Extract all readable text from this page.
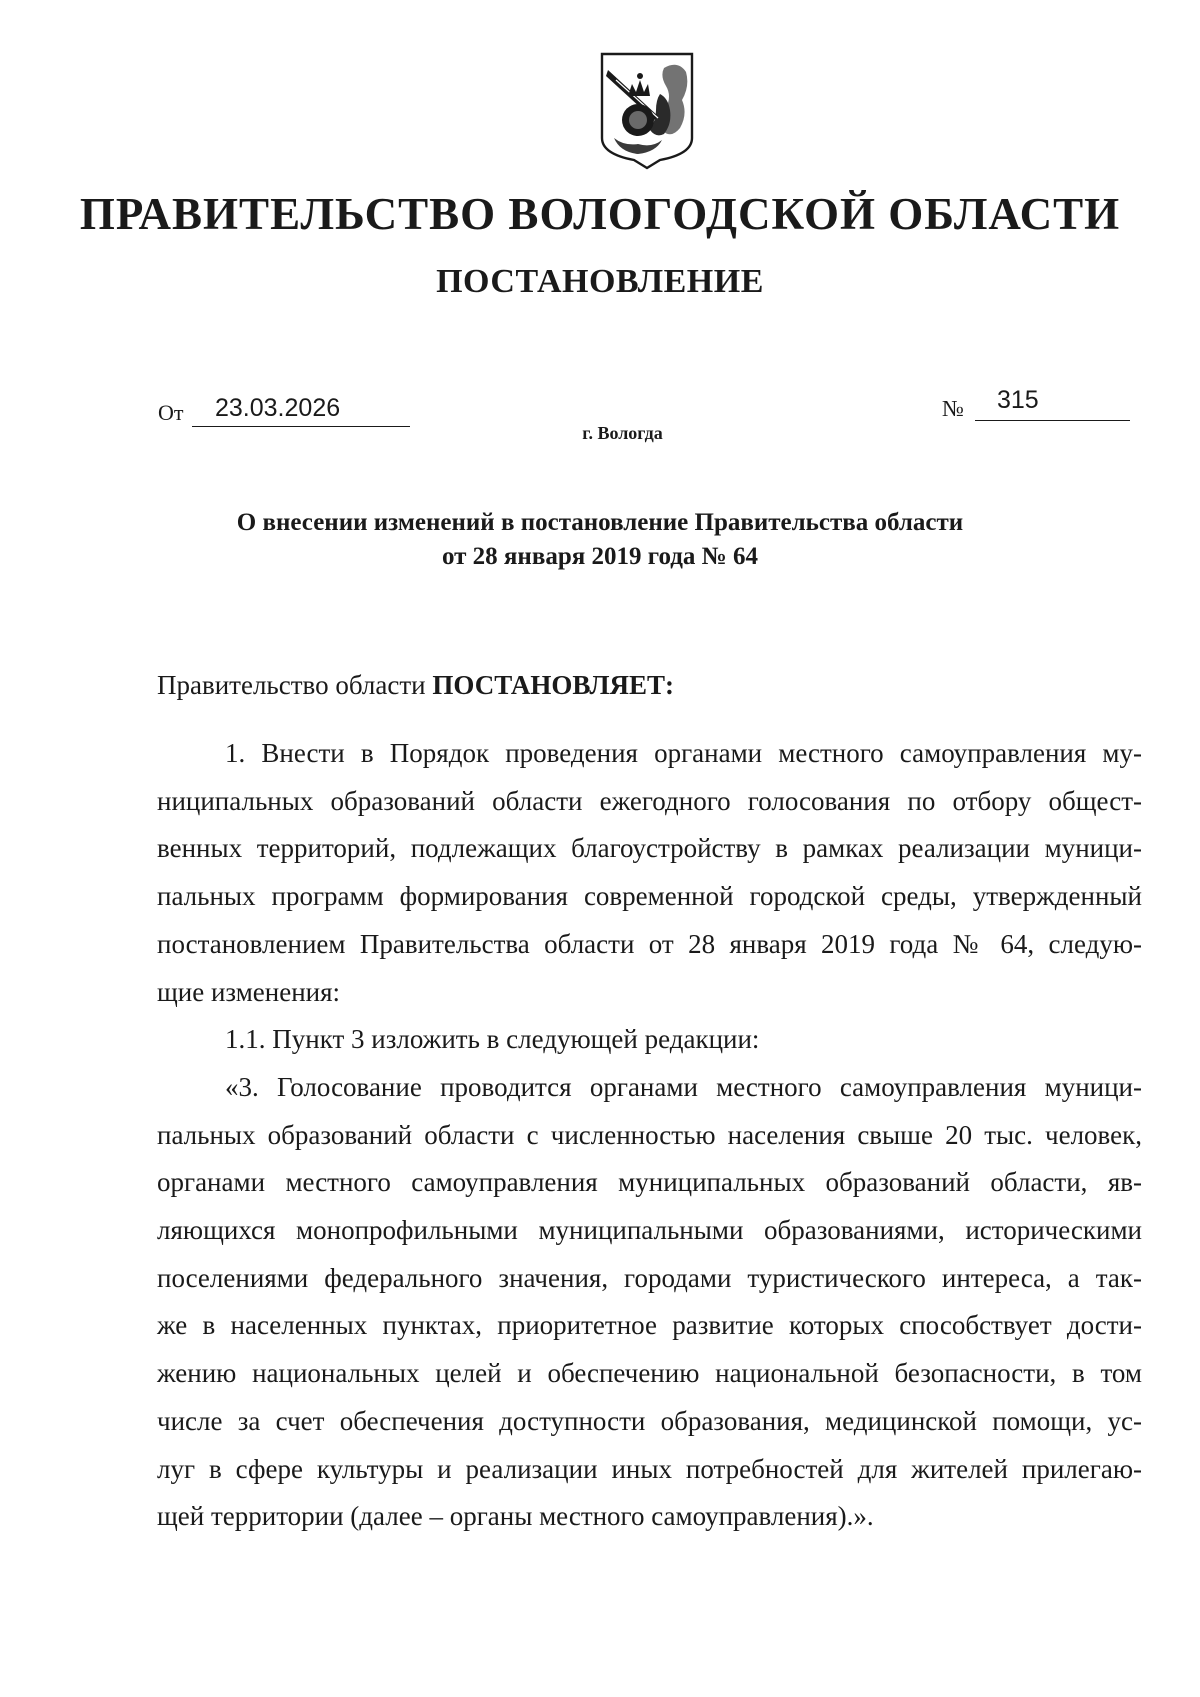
ПРАВИТЕЛЬСТВО ВОЛОГОДСКОЙ ОБЛАСТИ
ПОСТАНОВЛЕНИЕ
От 23.03.2026	№ 315
г. Вологда
О внесении изменений в постановление Правительства области
от 28 января 2019 года № 64
Правительство области ПОСТАНОВЛЯЕТ:
1. Внести в Порядок проведения органами местного самоуправления му-
ниципальных образований области ежегодного голосования по отбору общест-
венных территорий, подлежащих благоустройству в рамках реализации муници-
пальных программ формирования современной городской среды, утвержденный
постановлением Правительства области от 28 января 2019 года № 64, следую-
щие изменения:
1.1. Пункт 3 изложить в следующей редакции:
«3. Голосование проводится органами местного самоуправления муници-
пальных образований области с численностью населения свыше 20 тыс. человек,
органами местного самоуправления муниципальных образований области, яв-
ляющихся монопрофильными муниципальными образованиями, историческими
поселениями федерального значения, городами туристического интереса, а так-
же в населенных пунктах, приоритетное развитие которых способствует дости-
жению национальных целей и обеспечению национальной безопасности, в том
числе за счет обеспечения доступности образования, медицинской помощи, ус-
луг в сфере культуры и реализации иных потребностей для жителей прилегаю-
щей территории (далее – органы местного самоуправления).».
